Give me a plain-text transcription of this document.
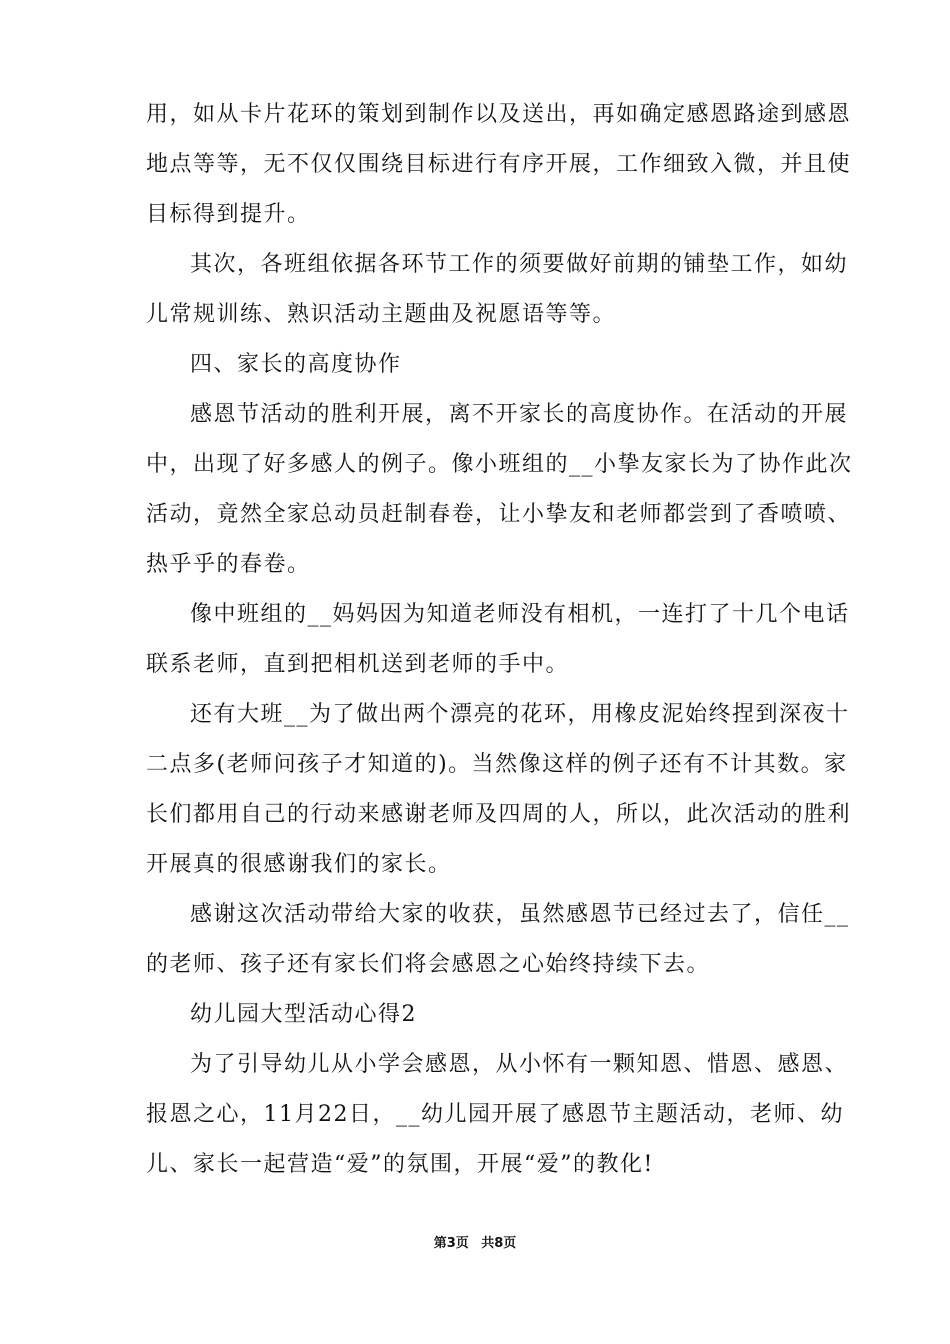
用，如从卡片花环的策划到制作以及送出，再如确定感恩路途到感恩
地点等等，无不仅仅围绕目标进行有序开展，工作细致入微，并且使
目标得到提升。
其次，各班组依据各环节工作的须要做好前期的铺垫工作，如幼
儿常规训练、熟识活动主题曲及祝愿语等等。
四、家长的高度协作
感恩节活动的胜利开展，离不开家长的高度协作。在活动的开展
中，出现了好多感人的例子。像小班组的__小挚友家长为了协作此次
活动，竟然全家总动员赶制春卷，让小挚友和老师都尝到了香喷喷、
热乎乎的春卷。
像中班组的__妈妈因为知道老师没有相机，一连打了十几个电话
联系老师，直到把相机送到老师的手中。
还有大班__为了做出两个漂亮的花环，用橡皮泥始终捏到深夜十
二点多(老师问孩子才知道的)。当然像这样的例子还有不计其数。家
长们都用自己的行动来感谢老师及四周的人，所以，此次活动的胜利
开展真的很感谢我们的家长。
感谢这次活动带给大家的收获，虽然感恩节已经过去了，信任__
的老师、孩子还有家长们将会感恩之心始终持续下去。
幼儿园大型活动心得2
为了引导幼儿从小学会感恩，从小怀有一颗知恩、惜恩、感恩、
报恩之心，11月22日，__幼儿园开展了感恩节主题活动，老师、幼
儿、家长一起营造“爱”的氛围，开展“爱”的教化!
第3页 共8页
